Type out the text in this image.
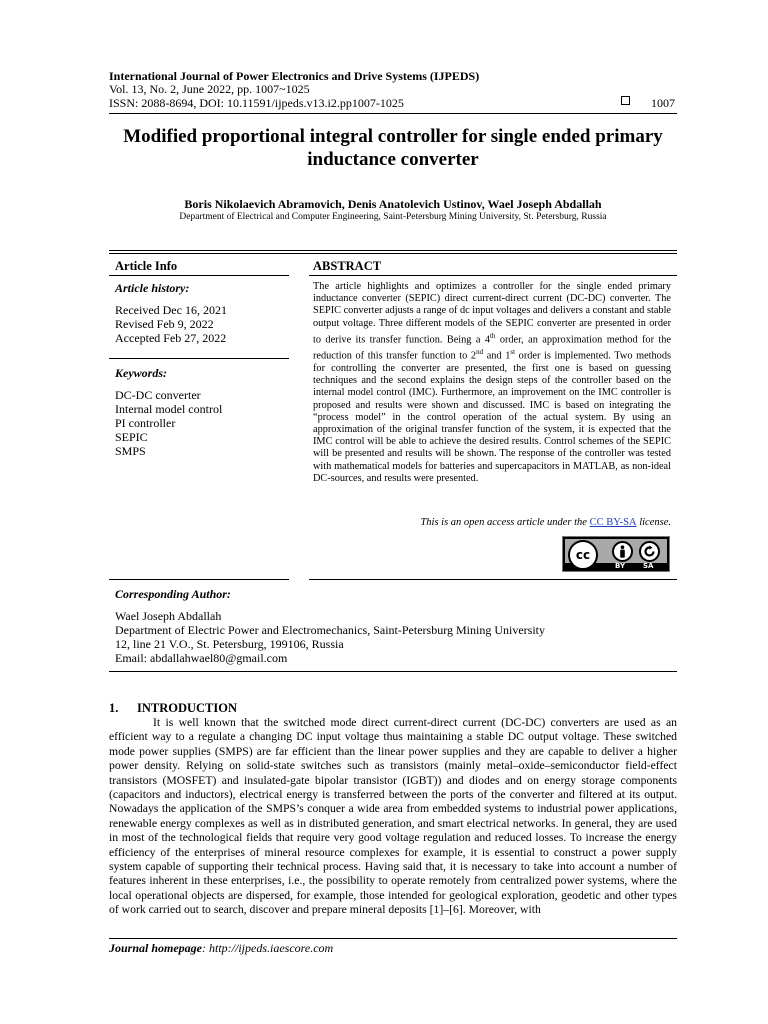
International Journal of Power Electronics and Drive Systems (IJPEDS)
Vol. 13, No. 2, June 2022, pp. 1007~1025
ISSN: 2088-8694, DOI: 10.11591/ijpeds.v13.i2.pp1007-1025	1007
Modified proportional integral controller for single ended primary inductance converter
Boris Nikolaevich Abramovich, Denis Anatolevich Ustinov, Wael Joseph Abdallah
Department of Electrical and Computer Engineering, Saint-Petersburg Mining University, St. Petersburg, Russia
Article Info
Article history:
Received Dec 16, 2021
Revised Feb 9, 2022
Accepted Feb 27, 2022
Keywords:
DC-DC converter
Internal model control
PI controller
SEPIC
SMPS
ABSTRACT
The article highlights and optimizes a controller for the single ended primary inductance converter (SEPIC) direct current-direct current (DC-DC) converter. The SEPIC converter adjusts a range of dc input voltages and delivers a constant and stable output voltage. Three different models of the SEPIC converter are presented in order to derive its transfer function. Being a 4th order, an approximation method for the reduction of this transfer function to 2nd and 1st order is implemented. Two methods for controlling the converter are presented, the first one is based on guessing techniques and the second explains the design steps of the controller based on the internal model control (IMC). Furthermore, an improvement on the IMC controller is proposed and results were shown and discussed. IMC is based on integrating the “process model” in the control operation of the actual system. By using an approximation of the original transfer function of the system, it is expected that the IMC control will be able to achieve the desired results. Control schemes of the SEPIC will be presented and results will be shown. The response of the controller was tested with mathematical models for batteries and supercapacitors in MATLAB, as non-ideal DC-sources, and results were presented.
This is an open access article under the CC BY-SA license.
cc
BY	SA
Corresponding Author:
Wael Joseph Abdallah
Department of Electric Power and Electromechanics, Saint-Petersburg Mining University
12, line 21 V.O., St. Petersburg, 199106, Russia
Email: abdallahwael80@gmail.com
1. INTRODUCTION

It is well known that the switched mode direct current-direct current (DC-DC) converters are used as an efficient way to a regulate a changing DC input voltage thus maintaining a stable DC output voltage. These switched mode power supplies (SMPS) are far efficient than the linear power supplies and they are capable to deliver a higher power density. Relying on solid-state switches such as transistors (mainly metal–oxide–semiconductor field-effect transistors (MOSFET) and insulated-gate bipolar transistor (IGBT)) and diodes and on energy storage components (capacitors and inductors), electrical energy is transferred between the ports of the converter and filtered at its output. Nowadays the application of the SMPS’s conquer a wide area from embedded systems to industrial power applications, renewable energy complexes as well as in distributed generation, and smart electrical networks. In general, they are used in most of the technological fields that require very good voltage regulation and reduced losses. To increase the energy efficiency of the enterprises of mineral resource complexes for example, it is essential to construct a power supply system capable of supporting their technical process. Having said that, it is necessary to take into account a number of features inherent in these enterprises, i.e., the possibility to operate remotely from centralized power systems, where the local operational objects are dispersed, for example, those intended for geological exploration, geodetic and other types of work carried out to search, discover and prepare mineral deposits [1]–[6]. Moreover, with

Journal homepage: http://ijpeds.iaescore.com
